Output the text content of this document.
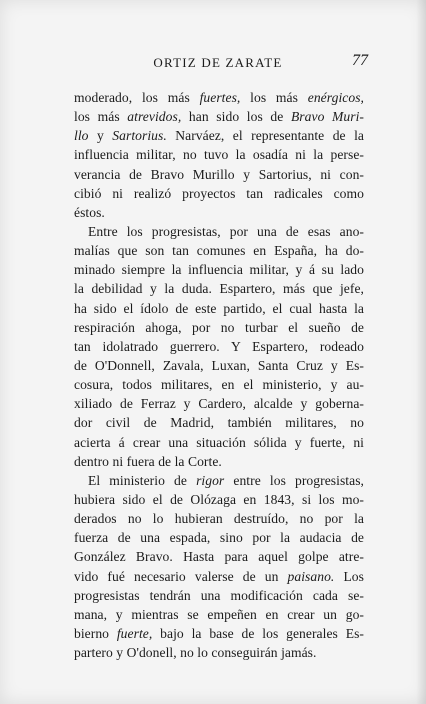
ORTIZ DE ZARATE	77
moderado, los más fuertes, los más enérgicos,
los más atrevidos, han sido los de Bravo Muri-
llo y Sartorius. Narváez, el representante de la
influencia militar, no tuvo la osadía ni la perse-
verancia de Bravo Murillo y Sartorius, ni con-
cibió ni realizó proyectos tan radicales como
éstos.
Entre los progresistas, por una de esas ano-
malías que son tan comunes en España, ha do-
minado siempre la influencia militar, y á su lado
la debilidad y la duda. Espartero, más que jefe,
ha sido el ídolo de este partido, el cual hasta la
respiración ahoga, por no turbar el sueño de
tan idolatrado guerrero. Y Espartero, rodeado
de O'Donnell, Zavala, Luxan, Santa Cruz y Es-
cosura, todos militares, en el ministerio, y au-
xiliado de Ferraz y Cardero, alcalde y goberna-
dor civil de Madrid, también militares, no
acierta á crear una situación sólida y fuerte, ni
dentro ni fuera de la Corte.
El ministerio de rigor entre los progresistas,
hubiera sido el de Olózaga en 1843, si los mo-
derados no lo hubieran destruído, no por la
fuerza de una espada, sino por la audacia de
González Bravo. Hasta para aquel golpe atre-
vido fué necesario valerse de un paisano. Los
progresistas tendrán una modificación cada se-
mana, y mientras se empeñen en crear un go-
bierno fuerte, bajo la base de los generales Es-
partero y O'donell, no lo conseguirán jamás.
